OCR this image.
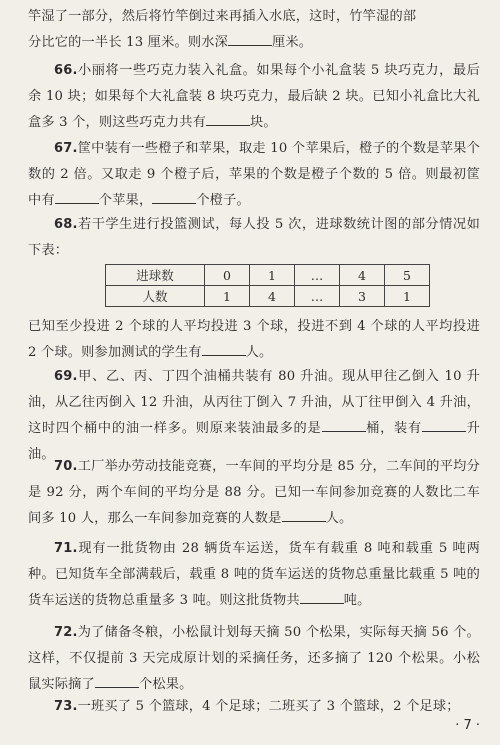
竿湿了一部分，然后将竹竿倒过来再插入水底，这时，竹竿湿的部
分比它的一半长 13 厘米。则水深	厘米。
66.小丽将一些巧克力装入礼盒。如果每个小礼盒装 5 块巧克力，最后余 10 块；如果每个大礼盒装 8 块巧克力，最后缺 2 块。已知小礼盒比大礼盒多 3 个，则这些巧克力共有	块。
67.筐中装有一些橙子和苹果，取走 10 个苹果后，橙子的个数是苹果个数的 2 倍。又取走 9 个橙子后，苹果的个数是橙子个数的 5 倍。则最初筐中有	个苹果，	个橙子。
68.若干学生进行投篮测试，每人投 5 次，进球数统计图的部分情况如下表：
进球数	0	1	…	4	5
人数	1	4	…	3	1
已知至少投进 2 个球的人平均投进 3 个球，投进不到 4 个球的人平均投进 2 个球。则参加测试的学生有	人。
69.甲、乙、丙、丁四个油桶共装有 80 升油。现从甲往乙倒入 10 升油，从乙往丙倒入 12 升油，从丙往丁倒入 7 升油，从丁往甲倒入 4 升油，这时四个桶中的油一样多。则原来装油最多的是	桶，装有	升油。
70.工厂举办劳动技能竞赛，一车间的平均分是 85 分，二车间的平均分是 92 分，两个车间的平均分是 88 分。已知一车间参加竞赛的人数比二车间多 10 人，那么一车间参加竞赛的人数是	人。
71.现有一批货物由 28 辆货车运送，货车有载重 8 吨和载重 5 吨两种。已知货车全部满载后，载重 8 吨的货车运送的货物总重量比载重 5 吨的货车运送的货物总重量多 3 吨。则这批货物共	吨。
72.为了储备冬粮，小松鼠计划每天摘 50 个松果，实际每天摘 56 个。这样，不仅提前 3 天完成原计划的采摘任务，还多摘了 120 个松果。小松鼠实际摘了	个松果。
73.一班买了 5 个篮球，4 个足球；二班买了 3 个篮球，2 个足球；
· 7 ·
